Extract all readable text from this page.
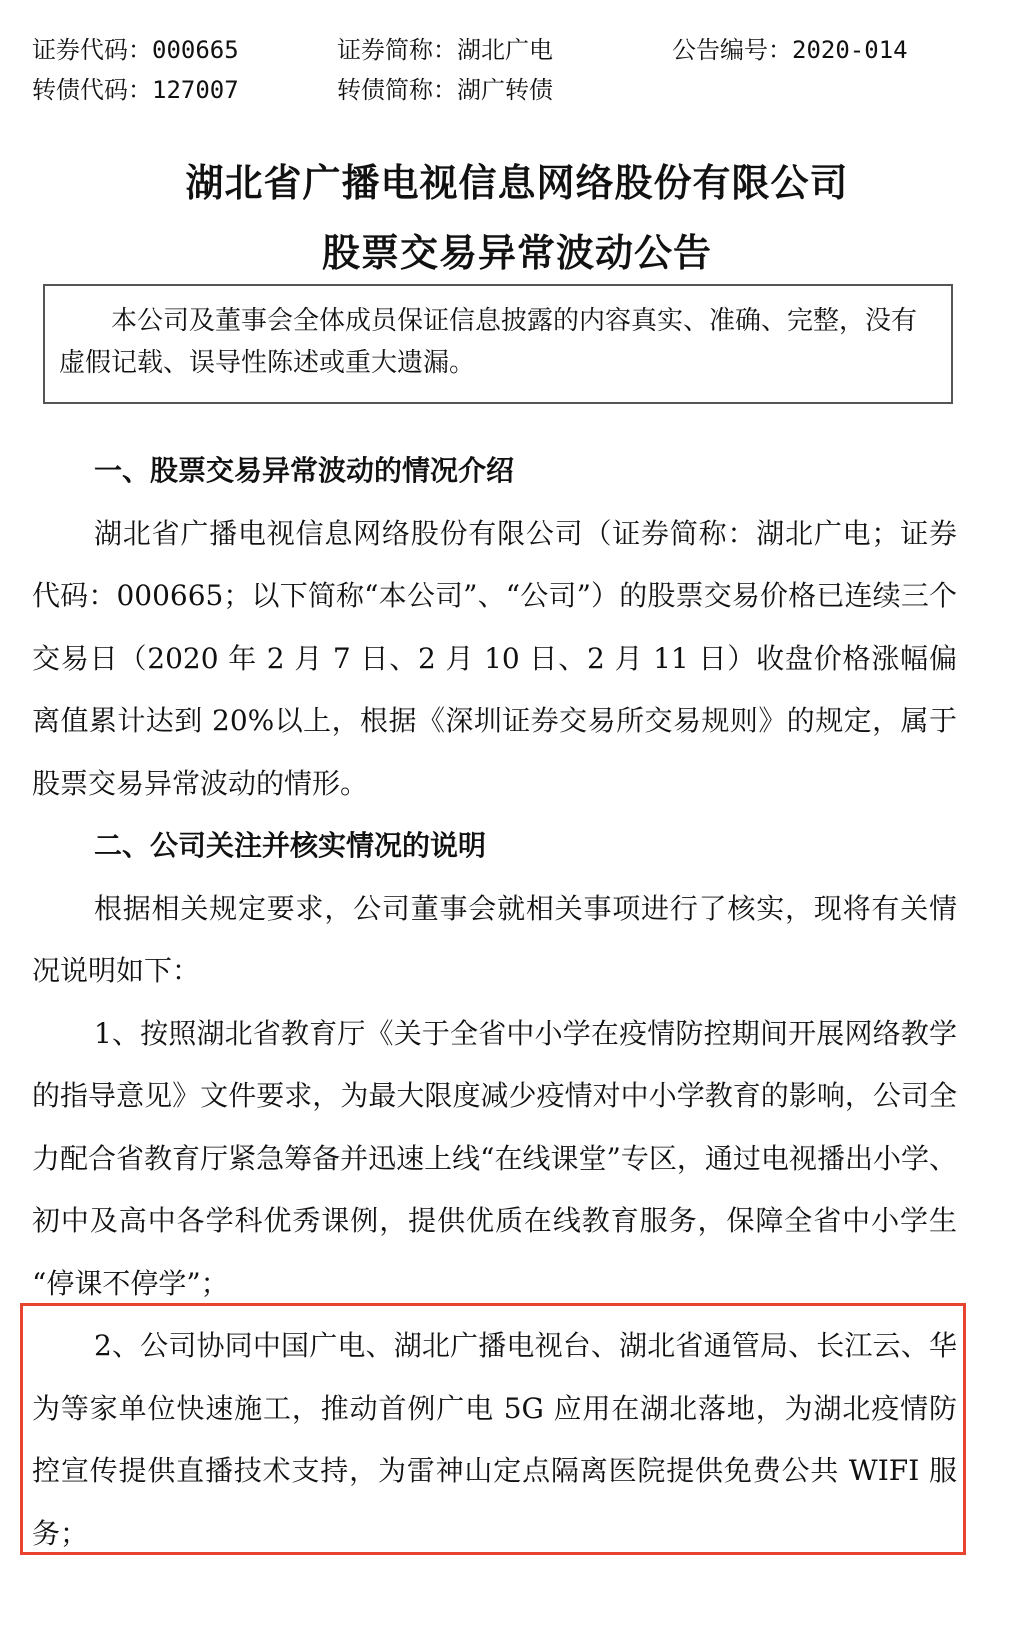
证券代码：000665	证券简称：湖北广电	公告编号：2020-014
转债代码：127007	转债简称：湖广转债
湖北省广播电视信息网络股份有限公司
股票交易异常波动公告

本公司及董事会全体成员保证信息披露的内容真实、准确、完整，没有虚假记载、误导性陈述或重大遗漏。

一、股票交易异常波动的情况介绍

湖北省广播电视信息网络股份有限公司（证券简称：湖北广电；证券代码：000665；以下简称“本公司”、“公司”）的股票交易价格已连续三个交易日（2020 年 2 月 7 日、2 月 10 日、2 月 11 日）收盘价格涨幅偏离值累计达到 20%以上，根据《深圳证券交易所交易规则》的规定，属于股票交易异常波动的情形。

二、公司关注并核实情况的说明

根据相关规定要求，公司董事会就相关事项进行了核实，现将有关情况说明如下：

1、按照湖北省教育厅《关于全省中小学在疫情防控期间开展网络教学的指导意见》文件要求，为最大限度减少疫情对中小学教育的影响，公司全力配合省教育厅紧急筹备并迅速上线“在线课堂”专区，通过电视播出小学、初中及高中各学科优秀课例，提供优质在线教育服务，保障全省中小学生 “停课不停学”；

2、公司协同中国广电、湖北广播电视台、湖北省通管局、长江云、华为等家单位快速施工，推动首例广电 5G 应用在湖北落地，为湖北疫情防控宣传提供直播技术支持，为雷神山定点隔离医院提供免费公共 WIFI 服务；
